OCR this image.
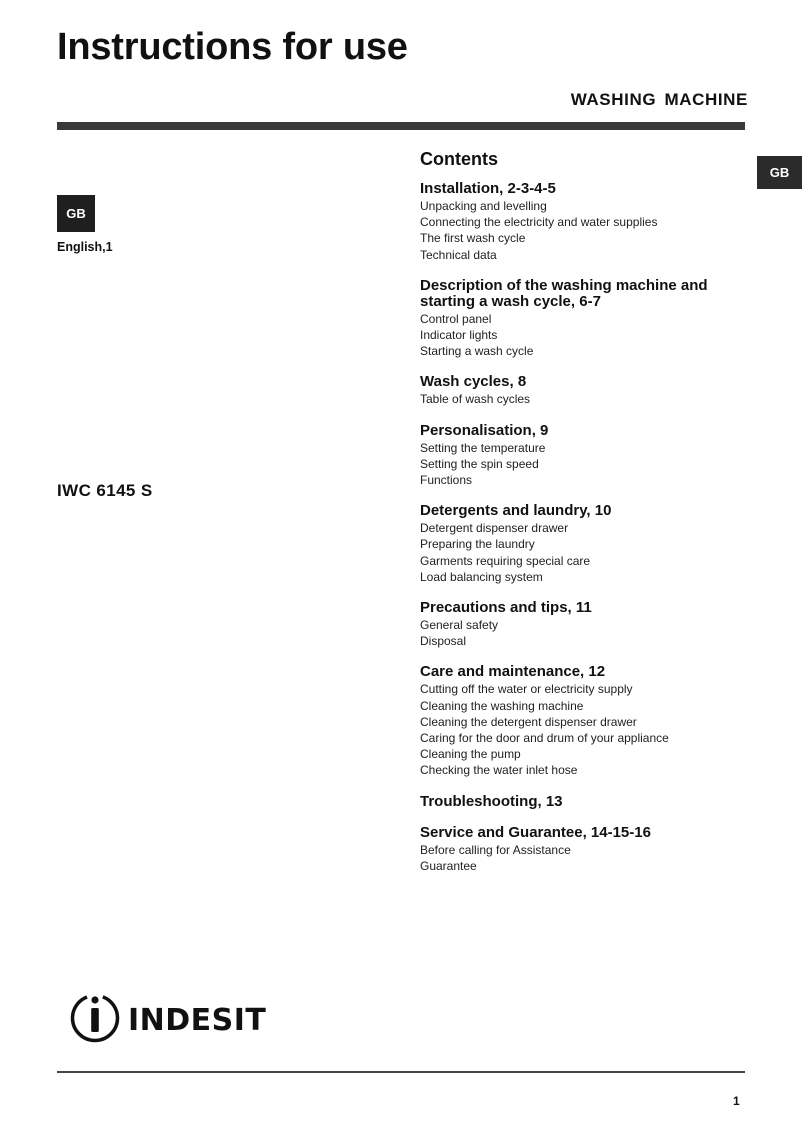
Instructions for use
WASHING MACHINE
GB
GB
English,1
IWC 6145 S
Contents
Installation, 2-3-4-5
Unpacking and levelling
Connecting the electricity and water supplies
The first wash cycle
Technical data
Description of the washing machine and starting a wash cycle, 6-7
Control panel
Indicator lights
Starting a wash cycle
Wash cycles, 8
Table of wash cycles
Personalisation, 9
Setting the temperature
Setting the spin speed
Functions
Detergents and laundry, 10
Detergent dispenser drawer
Preparing the laundry
Garments requiring special care
Load balancing system
Precautions and tips, 11
General safety
Disposal
Care and maintenance, 12
Cutting off the water or electricity supply
Cleaning the washing machine
Cleaning the detergent dispenser drawer
Caring for the door and drum of your appliance
Cleaning the pump
Checking the water inlet hose
Troubleshooting, 13
Service and Guarantee, 14-15-16
Before calling for Assistance
Guarantee
INDESIT
1
